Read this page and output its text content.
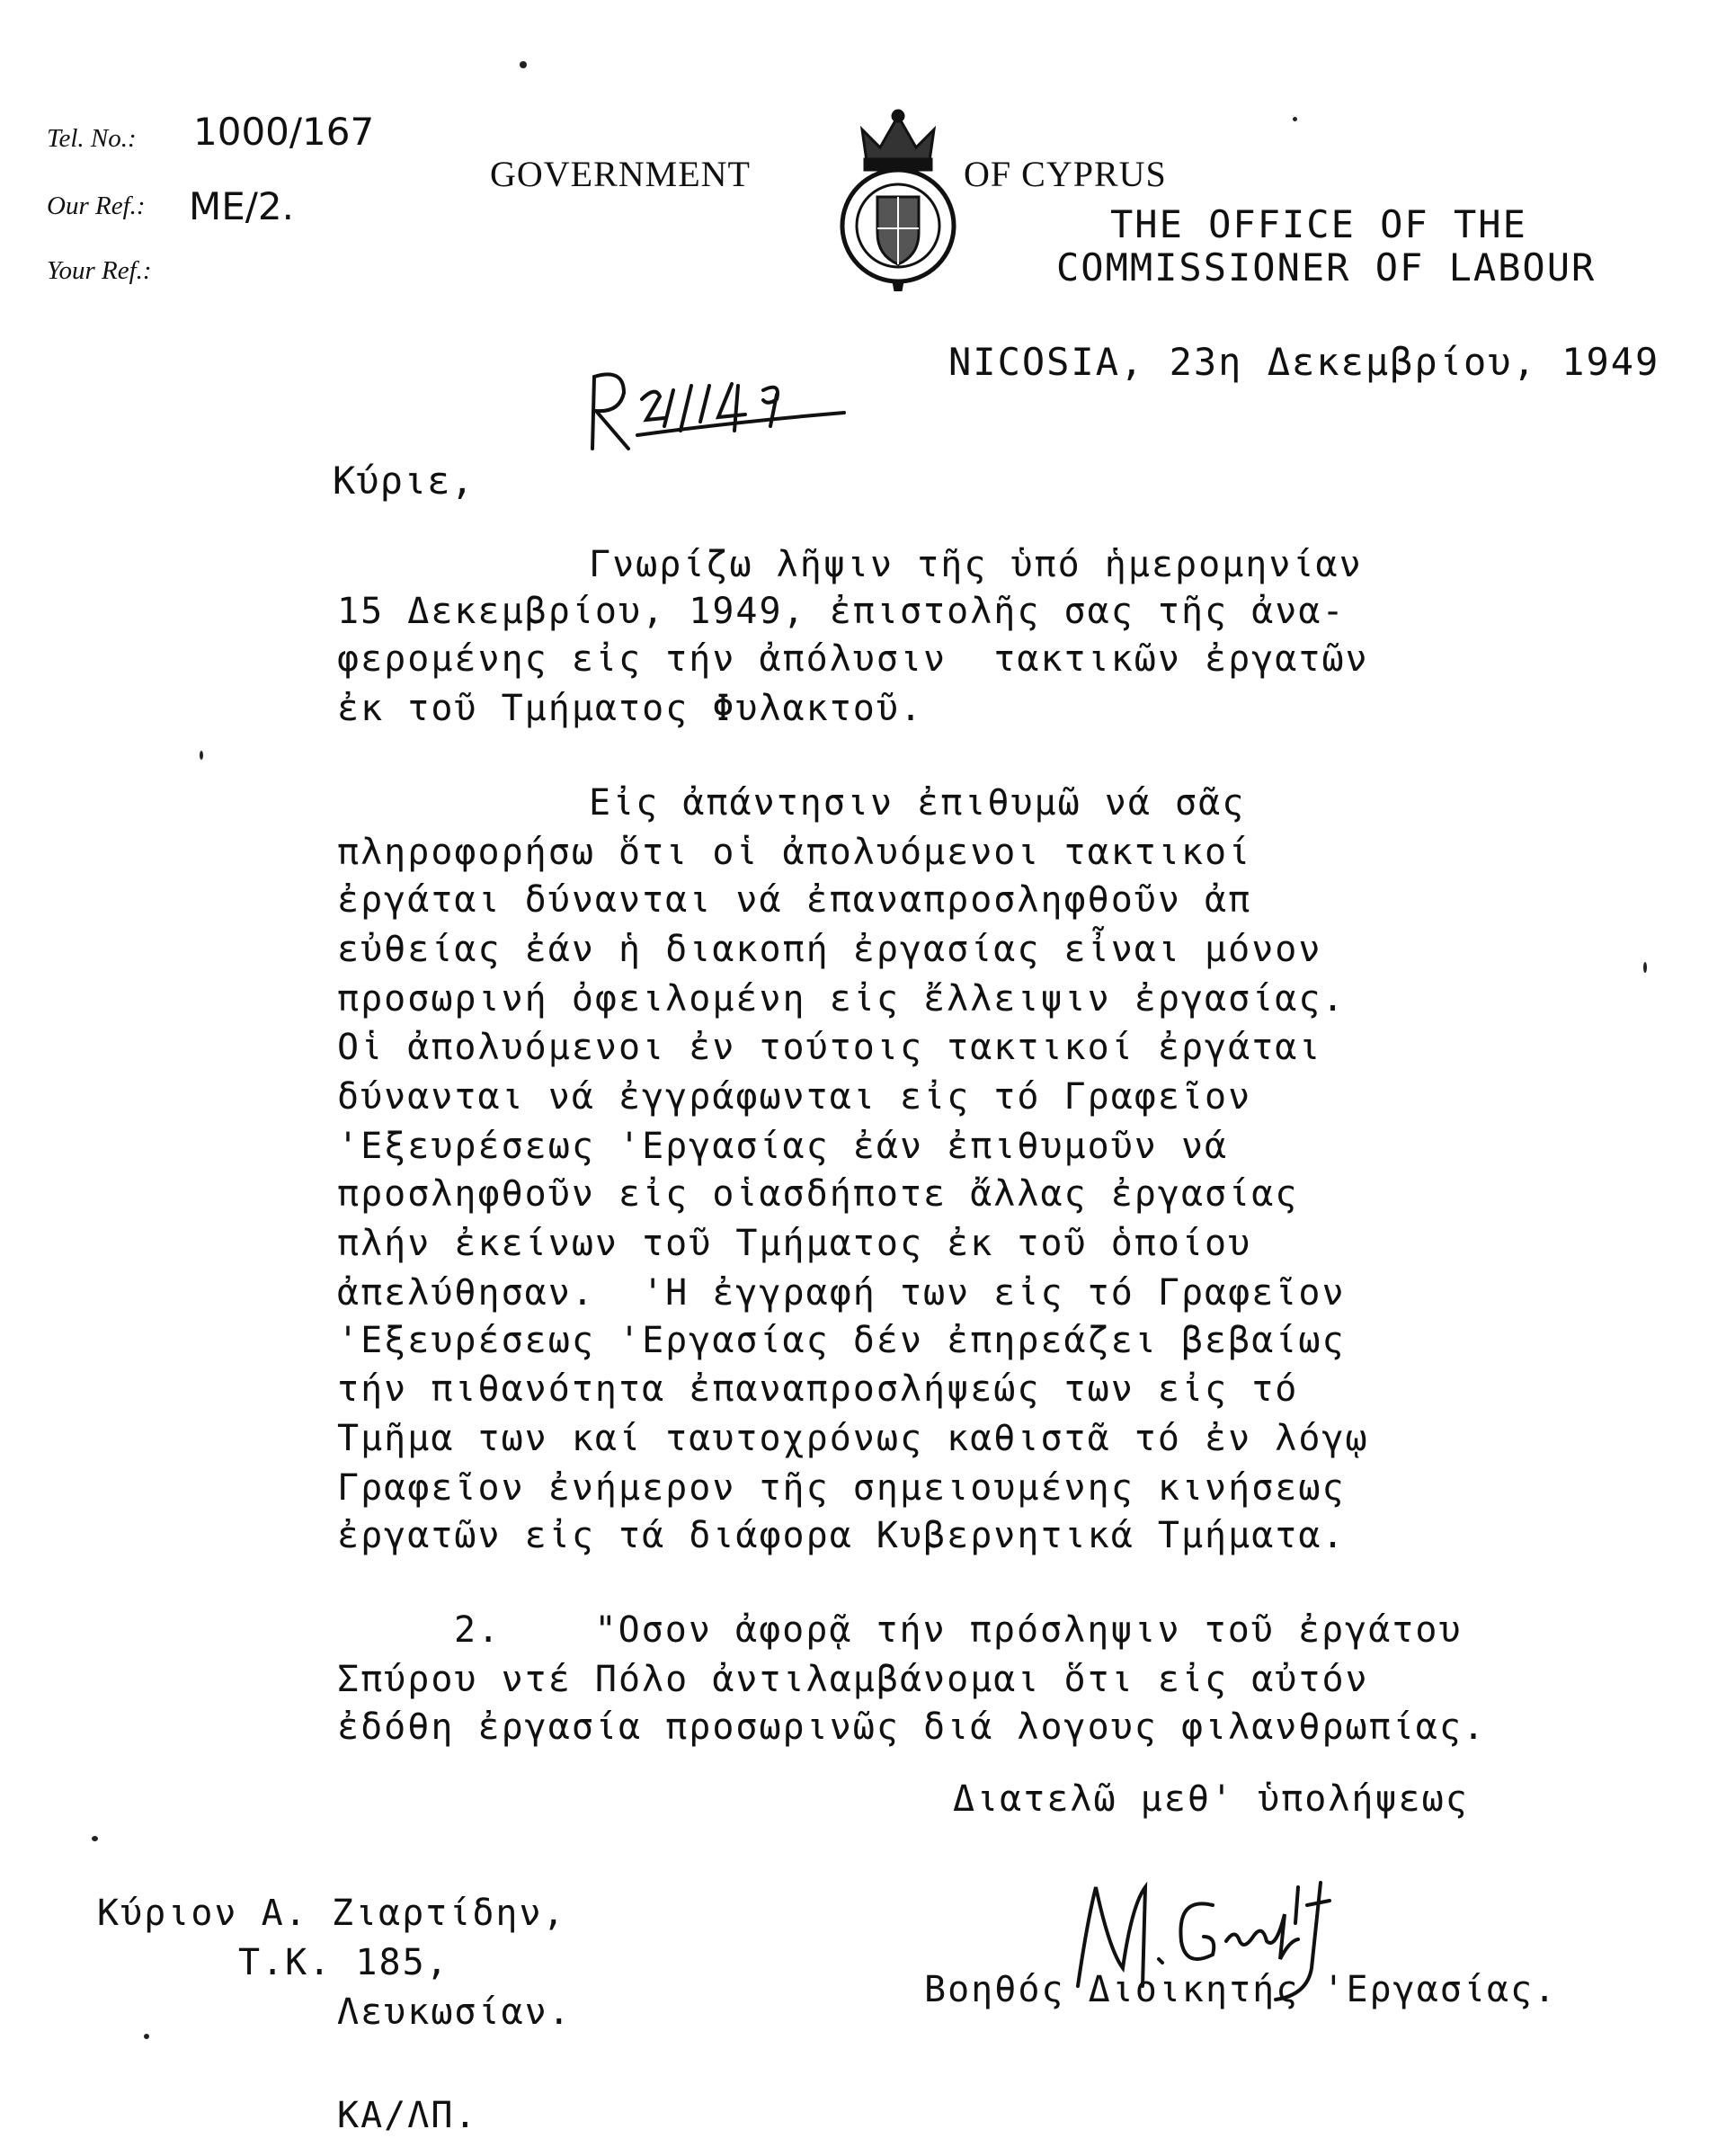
Tel. No.:

1000/167

Our Ref.:

ME/2.

Your Ref.:

GOVERNMENT

	OF CYPRUS

THE OFFICE OF THE

COMMISSIONER OF LABOUR

NICOSIA, 23η Δεκεμβρίου, 1949
Κύριε,
Γνωρίζω λῆψιν τῆς ὑπό ἡμερομηνίαν
15 Δεκεμβρίου, 1949, ἐπιστολῆς σας τῆς ἀνα-
φερομένης εἰς τήν ἀπόλυσιν  τακτικῶν ἐργατῶν
ἐκ τοῦ Τμήματος Φυλακτοῦ.
Εἰς ἀπάντησιν ἐπιθυμῶ νά σᾶς
πληροφορήσω ὅτι οἱ ἀπολυόμενοι τακτικοί
ἐργάται δύνανται νά ἐπαναπροσληφθοῦν ἀπ
εὐθείας ἐάν ἡ διακοπή ἐργασίας εἶναι μόνον
προσωρινή ὀφειλομένη εἰς ἔλλειψιν ἐργασίας.
Οἱ ἀπολυόμενοι ἐν τούτοις τακτικοί ἐργάται
δύνανται νά ἐγγράφωνται εἰς τό Γραφεῖον
'Εξευρέσεως 'Εργασίας ἐάν ἐπιθυμοῦν νά
προσληφθοῦν εἰς οἱασδήποτε ἄλλας ἐργασίας
πλήν ἐκείνων τοῦ Τμήματος ἐκ τοῦ ὁποίου
ἀπελύθησαν.  'Η ἐγγραφή των εἰς τό Γραφεῖον
'Εξευρέσεως 'Εργασίας δέν ἐπηρεάζει βεβαίως
τήν πιθανότητα ἐπαναπροσλήψεώς των εἰς τό
Τμῆμα των καί ταυτοχρόνως καθιστᾶ τό ἐν λόγῳ
Γραφεῖον ἐνήμερον τῆς σημειουμένης κινήσεως
ἐργατῶν εἰς τά διάφορα Κυβερνητικά Τμήματα.
2.    "Οσον ἀφορᾷ τήν πρόσληψιν τοῦ ἐργάτου
Σπύρου ντέ Πόλο ἀντιλαμβάνομαι ὅτι εἰς αὐτόν
ἐδόθη ἐργασία προσωρινῶς διά λογους φιλανθρωπίας.
Διατελῶ μεθ' ὑπολήψεως

Βοηθός Διοικητής 'Εργασίας.
Κύριον Α. Ζιαρτίδην,
Τ.Κ. 185,
Λευκωσίαν.
ΚΑ/ΛΠ.
